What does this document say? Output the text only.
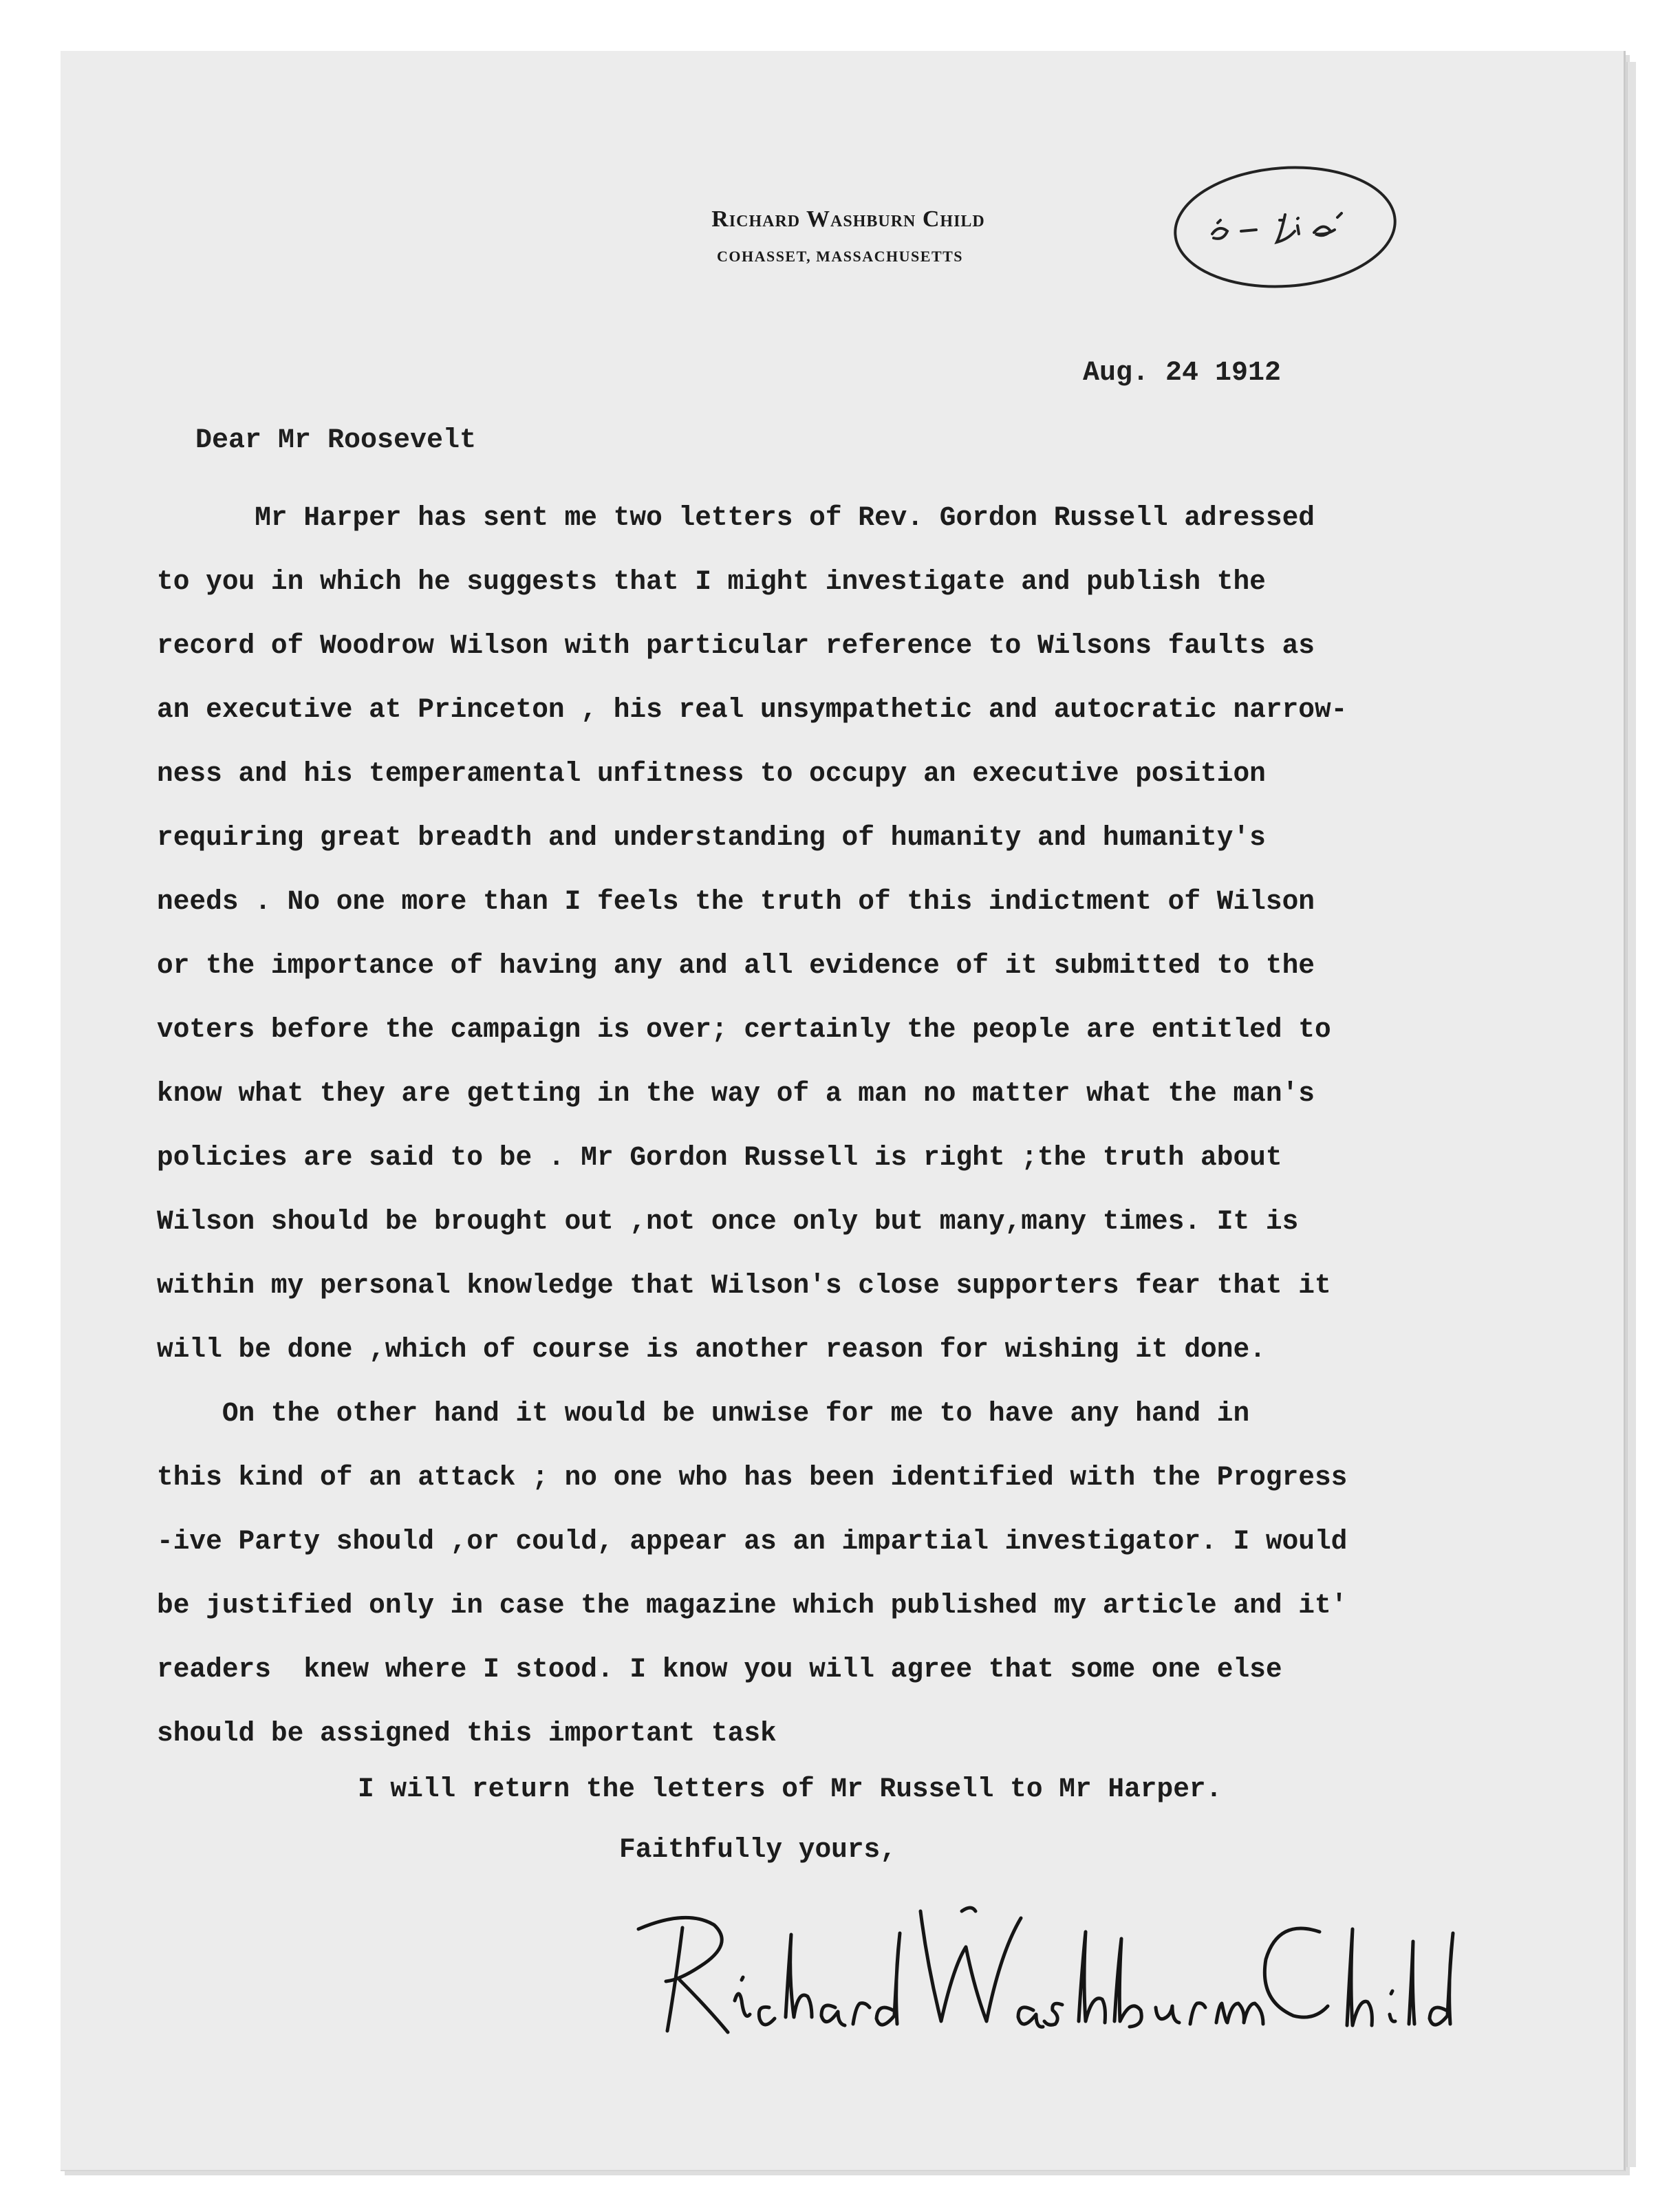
Richard Washburn Child
COHASSET, MASSACHUSETTS
o- fia
Aug. 24 1912
Dear Mr Roosevelt
Mr Harper has sent me two letters of Rev. Gordon Russell adressed
to you in which he suggests that I might investigate and publish the
record of Woodrow Wilson with particular reference to Wilsons faults as
an executive at Princeton , his real unsympathetic and autocratic narrow-
ness and his temperamental unfitness to occupy an executive position
requiring great breadth and understanding of humanity and humanity's
needs . No one more than I feels the truth of this indictment of Wilson
or the importance of having any and all evidence of it submitted to the
voters before the campaign is over; certainly the people are entitled to
know what they are getting in the way of a man no matter what the man's
policies are said to be . Mr Gordon Russell is right ;the truth about
Wilson should be brought out ,not once only but many,many times. It is
within my personal knowledge that Wilson's close supporters fear that it
will be done ,which of course is another reason for wishing it done.
On the other hand it would be unwise for me to have any hand in
this kind of an attack ; no one who has been identified with the Progress
-ive Party should ,or could, appear as an impartial investigator. I would
be justified only in case the magazine which published my article and it'
readers  knew where I stood. I know you will agree that some one else
should be assigned this important task
I will return the letters of Mr Russell to Mr Harper.
Faithfully yours,
Richard Washburn Child
